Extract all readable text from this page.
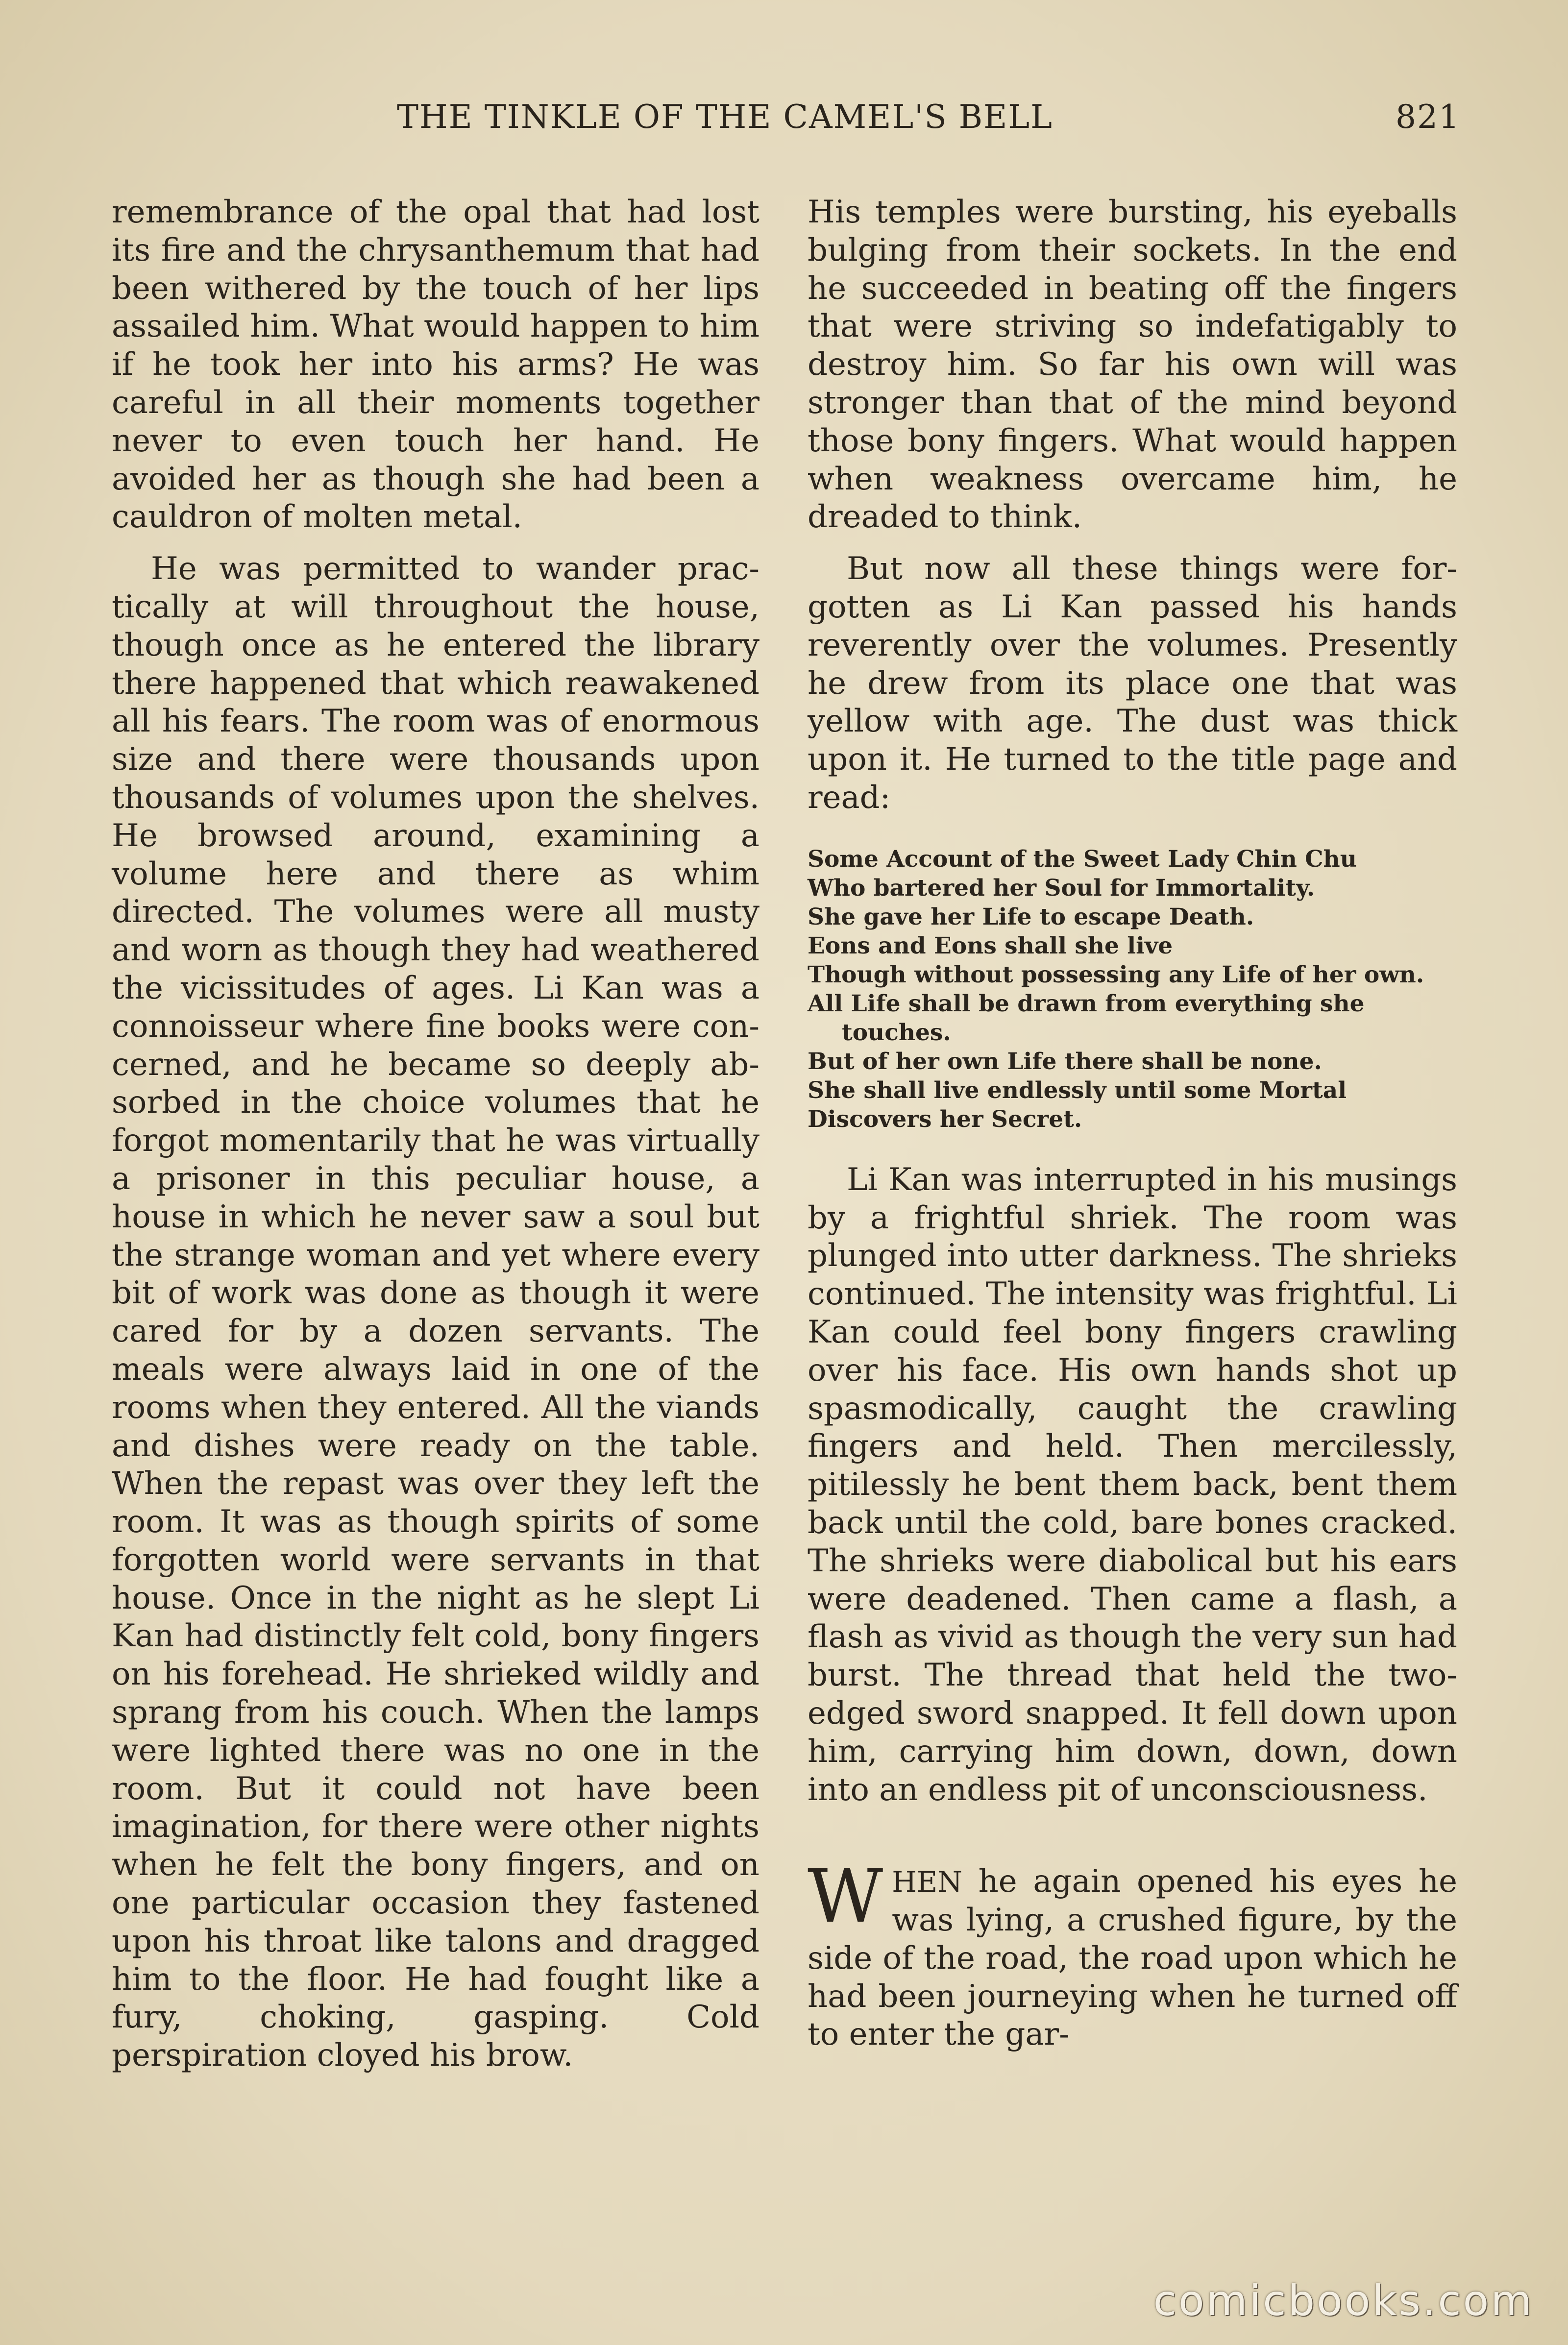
THE TINKLE OF THE CAMEL'S BELL	821

remembrance of the opal that had lost its fire and the chrysanthemum that had been withered by the touch of her lips assailed him. What would happen to him if he took her into his arms? He was careful in all their moments together never to even touch her hand. He avoided her as though she had been a cauldron of molten metal.

He was permitted to wander practically at will throughout the house, though once as he entered the library there happened that which reawakened all his fears. The room was of enormous size and there were thousands upon thousands of volumes upon the shelves. He browsed around, examining a volume here and there as whim directed. The volumes were all musty and worn as though they had weathered the vicissitudes of ages. Li Kan was a connoisseur where fine books were concerned, and he became so deeply absorbed in the choice volumes that he forgot momentarily that he was virtually a prisoner in this peculiar house, a house in which he never saw a soul but the strange woman and yet where every bit of work was done as though it were cared for by a dozen servants. The meals were always laid in one of the rooms when they entered. All the viands and dishes were ready on the table. When the repast was over they left the room. It was as though spirits of some forgotten world were servants in that house. Once in the night as he slept Li Kan had distinctly felt cold, bony fingers on his forehead. He shrieked wildly and sprang from his couch. When the lamps were lighted there was no one in the room. But it could not have been imagination, for there were other nights when he felt the bony fingers, and on one particular occasion they fastened upon his throat like talons and dragged him to the floor. He had fought like a fury, choking, gasping. Cold perspiration cloyed his brow.

His temples were bursting, his eyeballs bulging from their sockets. In the end he succeeded in beating off the fingers that were striving so indefatigably to destroy him. So far his own will was stronger than that of the mind beyond those bony fingers. What would happen when weakness overcame him, he dreaded to think.

But now all these things were forgotten as Li Kan passed his hands reverently over the volumes. Presently he drew from its place one that was yellow with age. The dust was thick upon it. He turned to the title page and read:

Some Account of the Sweet Lady Chin Chu
Who bartered her Soul for Immortality.
She gave her Life to escape Death.
Eons and Eons shall she live
Though without possessing any Life of her own.
All Life shall be drawn from everything she touches.
But of her own Life there shall be none.
She shall live endlessly until some Mortal
Discovers her Secret.

Li Kan was interrupted in his musings by a frightful shriek. The room was plunged into utter darkness. The shrieks continued. The intensity was frightful. Li Kan could feel bony fingers crawling over his face. His own hands shot up spasmodically, caught the crawling fingers and held. Then mercilessly, pitilessly he bent them back, bent them back until the cold, bare bones cracked. The shrieks were diabolical but his ears were deadened. Then came a flash, a flash as vivid as though the very sun had burst. The thread that held the two-edged sword snapped. It fell down upon him, carrying him down, down, down into an endless pit of unconsciousness.

WHEN he again opened his eyes he was lying, a crushed figure, by the side of the road, the road upon which he had been journeying when he turned off to enter the gar-

comicbooks.com
